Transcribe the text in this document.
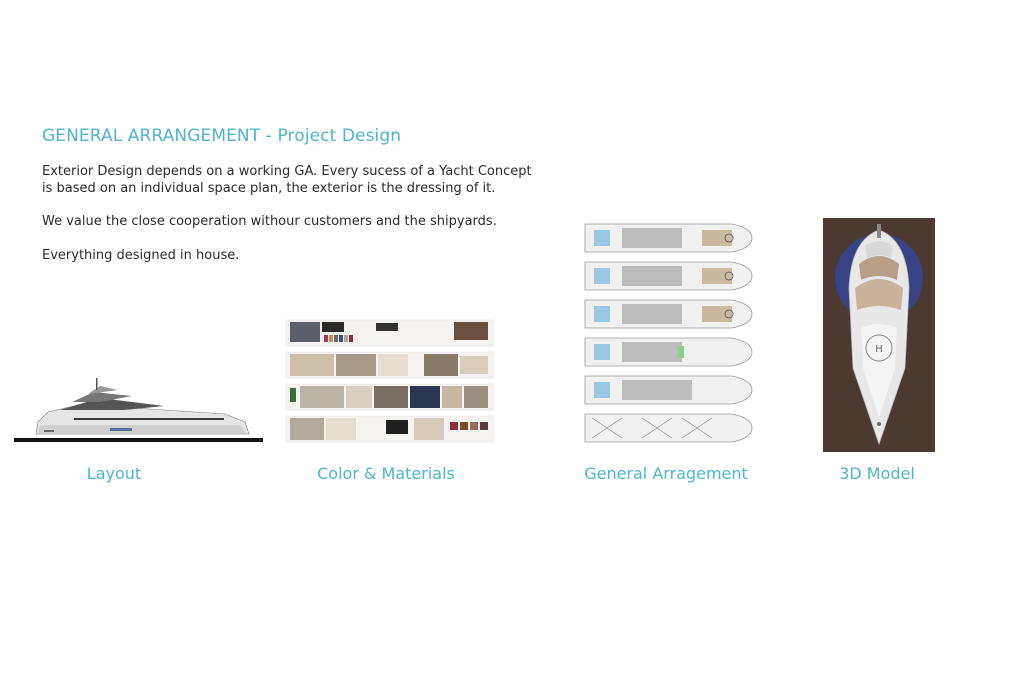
GENERAL ARRANGEMENT - Project Design

Exterior Design depends on a working GA. Every sucess of a Yacht Concept is based on an individual space plan, the exterior is the dressing of it.

We value the close cooperation withour customers and the shipyards.

Everything designed in house.

H
Layout	Color & Materials	General Arragement	3D Model
